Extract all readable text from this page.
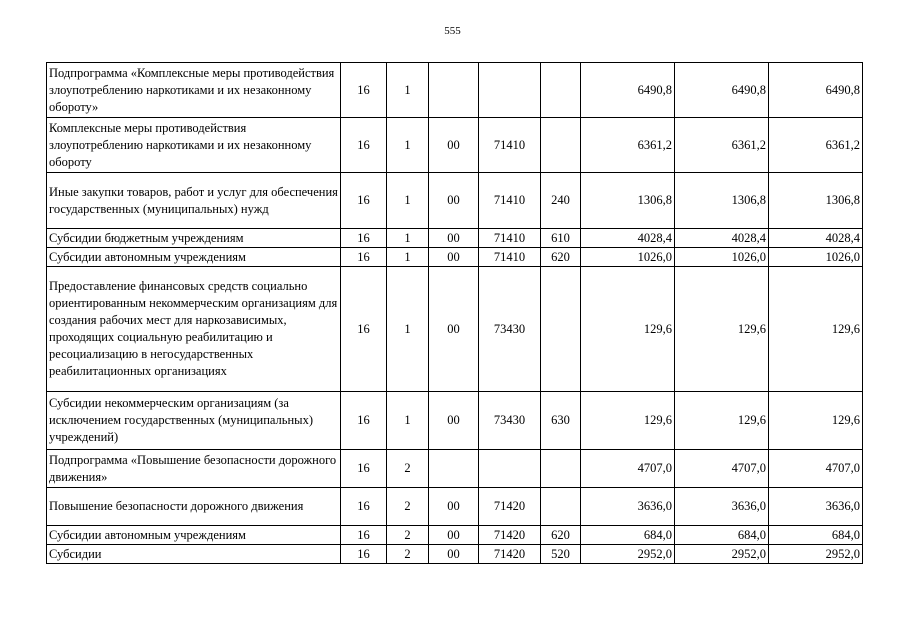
555
Подпрограмма «Комплексные меры противодействия злоупотреблению наркотиками и их незаконному обороту»	16	1				6490,8	6490,8	6490,8
Комплексные меры противодействия злоупотреблению наркотиками и их незаконному обороту	16	1	00	71410		6361,2	6361,2	6361,2
Иные закупки товаров, работ и услуг для обеспечения государственных (муниципальных) нужд	16	1	00	71410	240	1306,8	1306,8	1306,8
Субсидии бюджетным учреждениям	16	1	00	71410	610	4028,4	4028,4	4028,4
Субсидии автономным учреждениям	16	1	00	71410	620	1026,0	1026,0	1026,0
Предоставление финансовых средств социально ориентированным некоммерческим организациям для создания рабочих мест для наркозависимых, проходящих социальную реабилитацию и ресоциализацию в негосударственных реабилитационных организациях	16	1	00	73430		129,6	129,6	129,6
Субсидии некоммерческим организациям (за исключением государственных (муниципальных) учреждений)	16	1	00	73430	630	129,6	129,6	129,6
Подпрограмма «Повышение безопасности дорожного движения»	16	2				4707,0	4707,0	4707,0
Повышение безопасности дорожного движения	16	2	00	71420		3636,0	3636,0	3636,0
Субсидии автономным учреждениям	16	2	00	71420	620	684,0	684,0	684,0
Субсидии	16	2	00	71420	520	2952,0	2952,0	2952,0
